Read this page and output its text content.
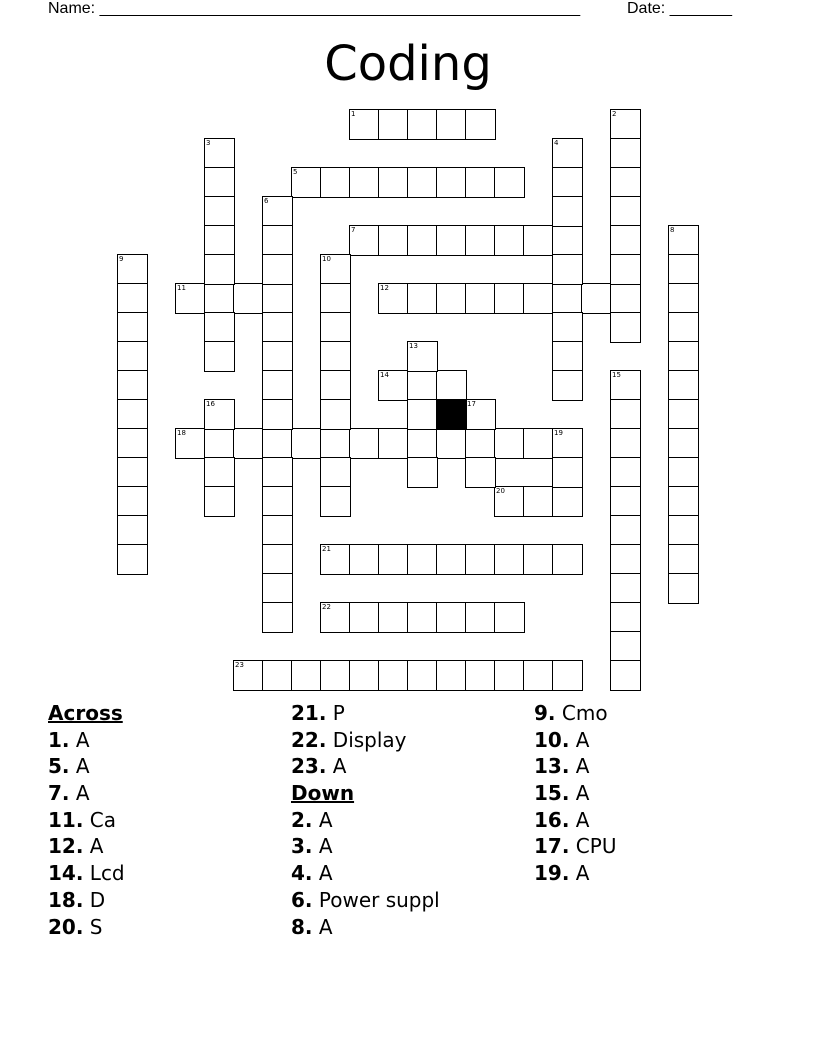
Name: ______________________________________________________	Date: _______
Coding
1
5
7
11	12
14
18	19
20
21
22
23
2
3	4
6
8
9	10
13
15
16	17
Across
1. A
5. A
7. A
11. Ca
12. A
14. Lcd
18. D
20. S
21. P
22. Display
23. A
Down
2. A
3. A
4. A
6. Power suppl
8. A
9. Cmo
10. A
13. A
15. A
16. A
17. CPU
19. A
